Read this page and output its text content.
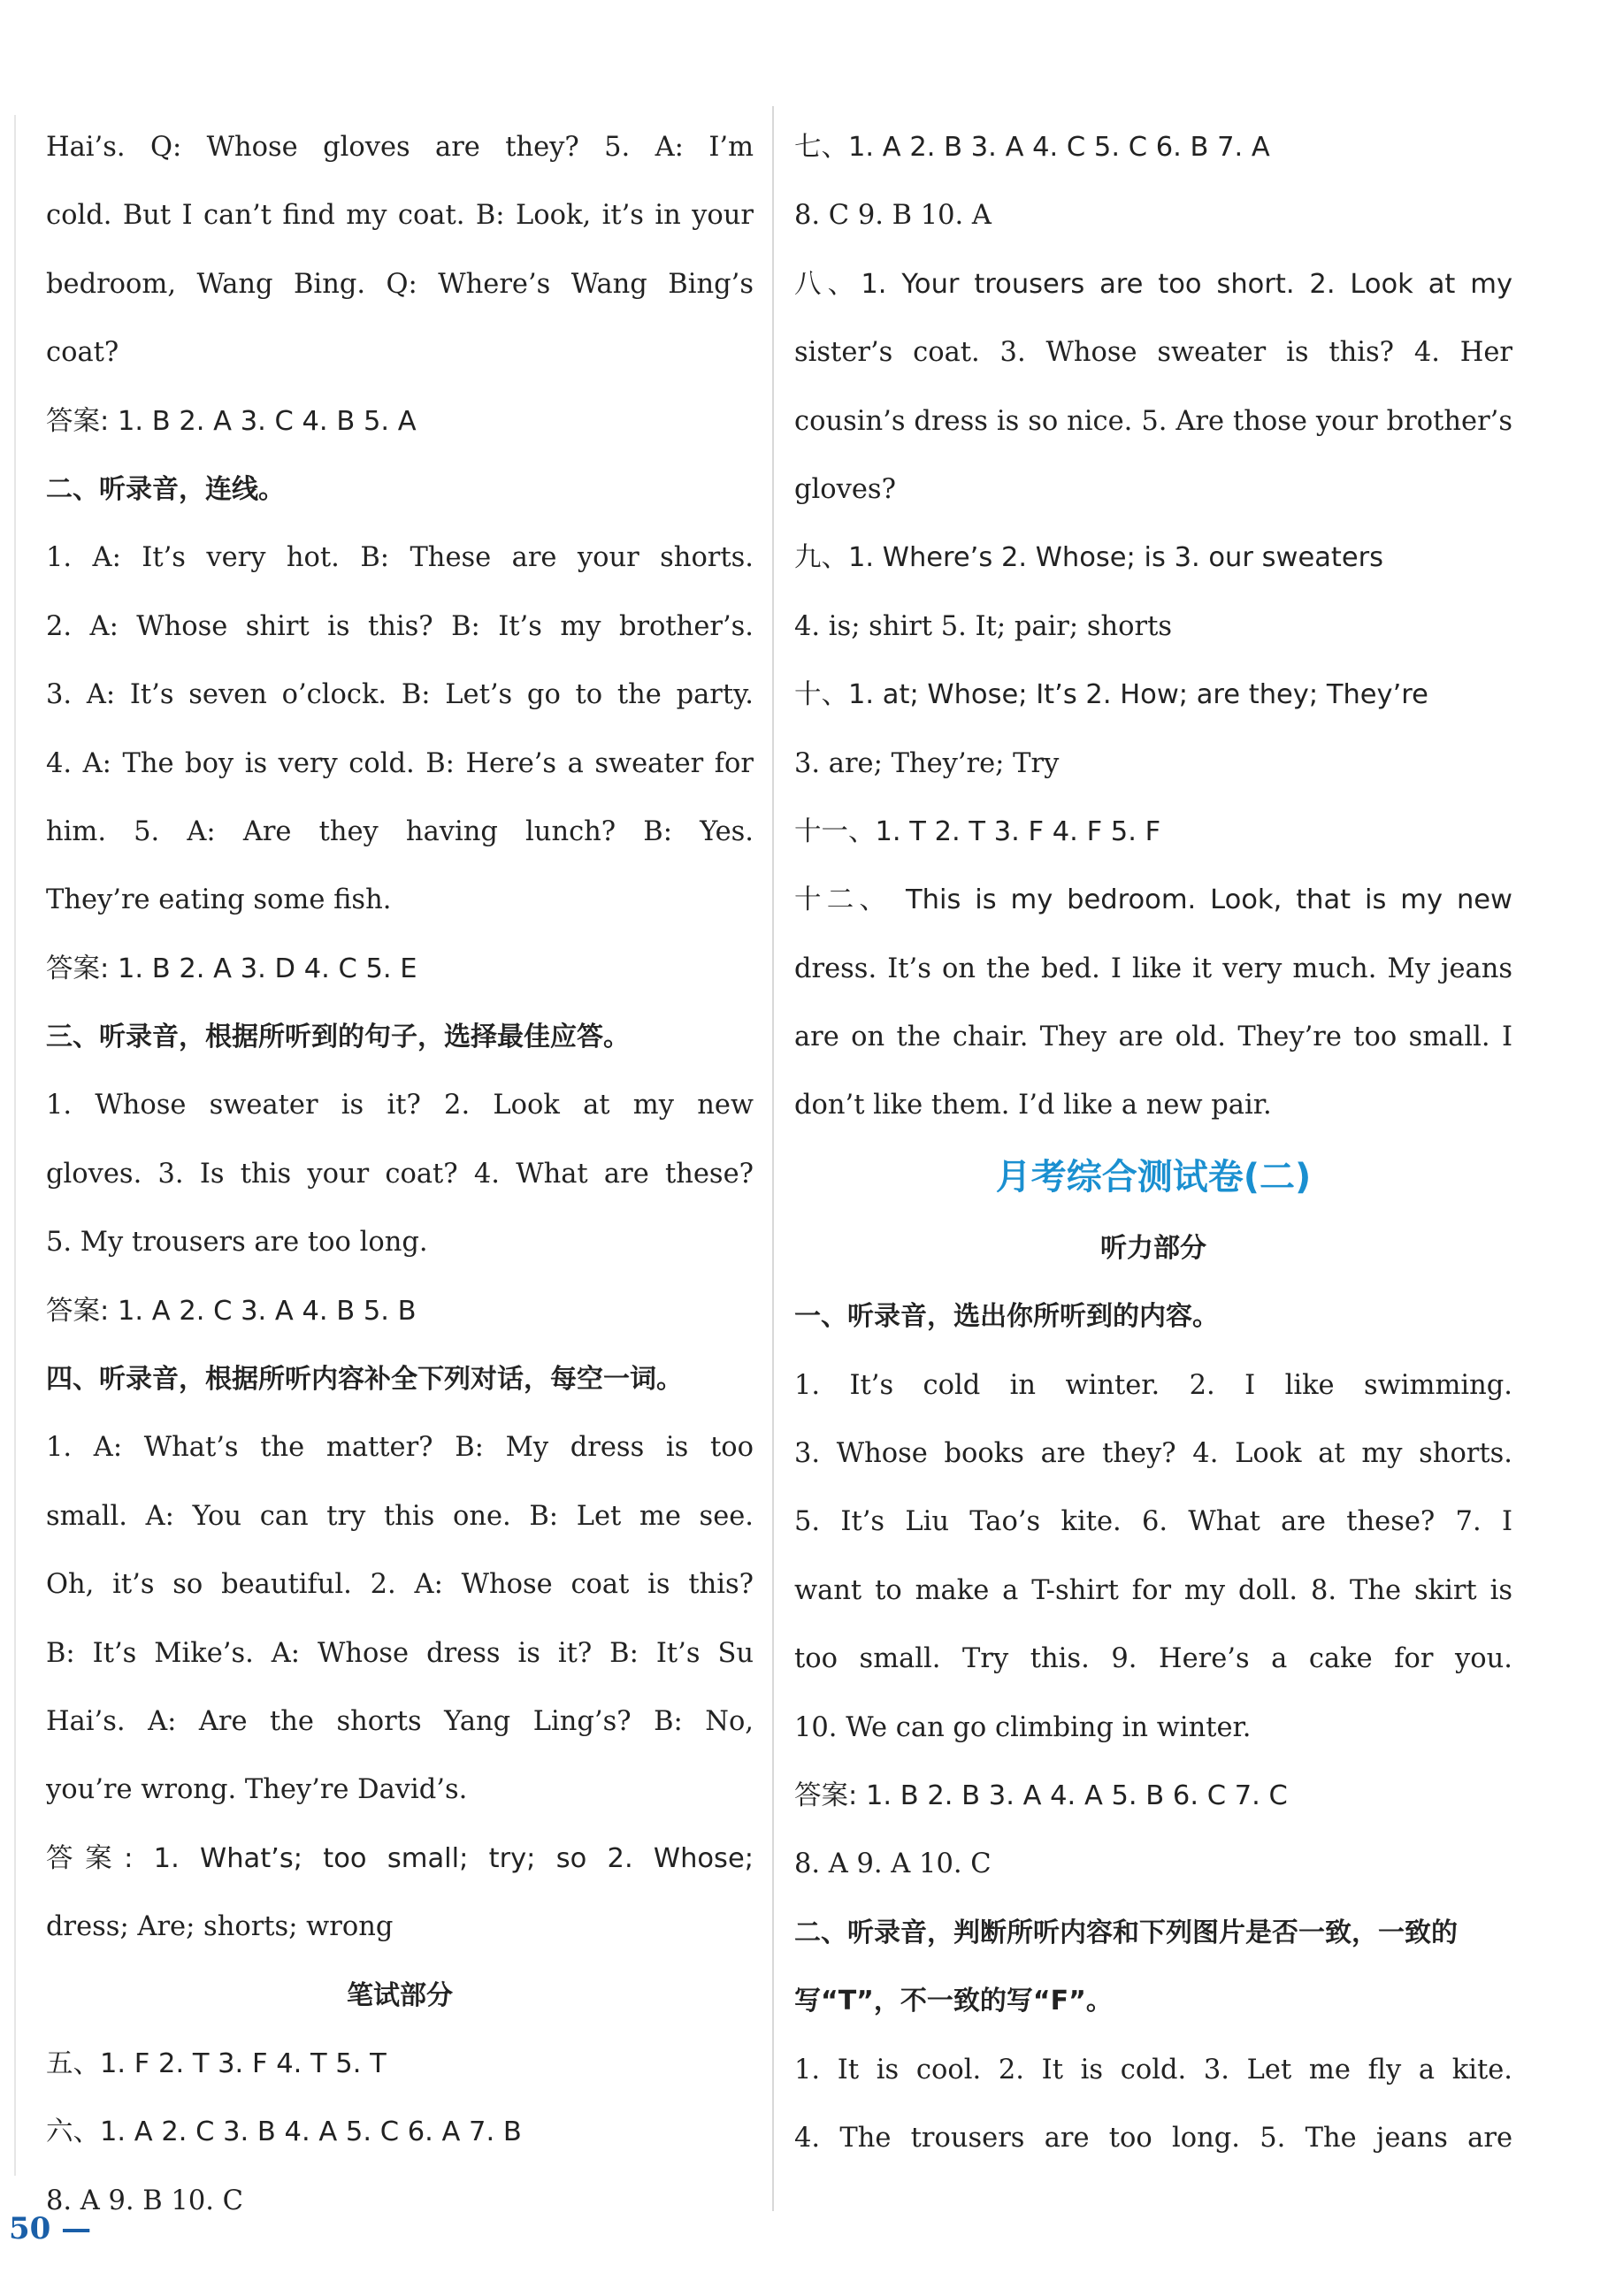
Hai’s. Q: Whose gloves are they? 5. A: I’m
cold. But I can’t find my coat. B: Look, it’s in your
bedroom, Wang Bing. Q: Where’s Wang Bing’s
coat?
答案: 1. B 2. A 3. C 4. B 5. A
二、听录音，连线。
1. A: It’s very hot. B: These are your shorts.
2. A: Whose shirt is this? B: It’s my brother’s.
3. A: It’s seven o’clock. B: Let’s go to the party.
4. A: The boy is very cold. B: Here’s a sweater for
him. 5. A: Are they having lunch? B: Yes.
They’re eating some fish.
答案: 1. B 2. A 3. D 4. C 5. E
三、听录音，根据所听到的句子，选择最佳应答。
1. Whose sweater is it? 2. Look at my new
gloves. 3. Is this your coat? 4. What are these?
5. My trousers are too long.
答案: 1. A 2. C 3. A 4. B 5. B
四、听录音，根据所听内容补全下列对话，每空一词。
1. A: What’s the matter? B: My dress is too
small. A: You can try this one. B: Let me see.
Oh, it’s so beautiful. 2. A: Whose coat is this?
B: It’s Mike’s. A: Whose dress is it? B: It’s Su
Hai’s. A: Are the shorts Yang Ling’s? B: No,
you’re wrong. They’re David’s.
答案: 1. What’s; too small; try; so 2. Whose;
dress; Are; shorts; wrong
笔试部分
五、1. F 2. T 3. F 4. T 5. T
六、1. A 2. C 3. B 4. A 5. C 6. A 7. B
8. A 9. B 10. C
七、1. A 2. B 3. A 4. C 5. C 6. B 7. A
8. C 9. B 10. A
八、1. Your trousers are too short. 2. Look at my
sister’s coat. 3. Whose sweater is this? 4. Her
cousin’s dress is so nice. 5. Are those your brother’s
gloves?
九、1. Where’s 2. Whose; is 3. our sweaters
4. is; shirt 5. It; pair; shorts
十、1. at; Whose; It’s 2. How; are they; They’re
3. are; They’re; Try
十一、1. T 2. T 3. F 4. F 5. F
十二、 This is my bedroom. Look, that is my new
dress. It’s on the bed. I like it very much. My jeans
are on the chair. They are old. They’re too small. I
don’t like them. I’d like a new pair.
月考综合测试卷(二)
听力部分
一、听录音，选出你所听到的内容。
1. It’s cold in winter. 2. I like swimming.
3. Whose books are they? 4. Look at my shorts.
5. It’s Liu Tao’s kite. 6. What are these? 7. I
want to make a T-shirt for my doll. 8. The skirt is
too small. Try this. 9. Here’s a cake for you.
10. We can go climbing in winter.
答案: 1. B 2. B 3. A 4. A 5. B 6. C 7. C
8. A 9. A 10. C
二、听录音，判断所听内容和下列图片是否一致，一致的
写“T”，不一致的写“F”。
1. It is cool. 2. It is cold. 3. Let me fly a kite.
4. The trousers are too long. 5. The jeans are
50 —
